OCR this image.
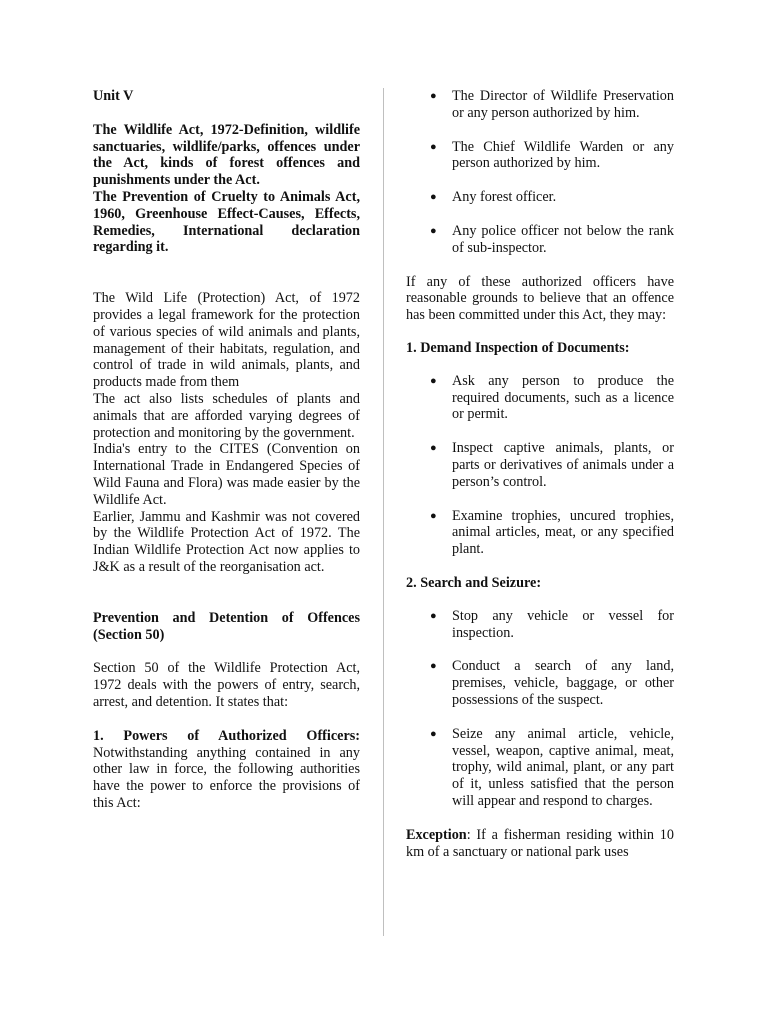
Unit V

The Wildlife Act, 1972-Definition, wildlife sanctuaries, wildlife/parks, offences under the Act, kinds of forest offences and punishments under the Act.

The Prevention of Cruelty to Animals Act, 1960, Greenhouse Effect-Causes, Effects, Remedies, International declaration regarding it.

The Wild Life (Protection) Act, of 1972 provides a legal framework for the protection of various species of wild animals and plants, management of their habitats, regulation, and control of trade in wild animals, plants, and products made from them

The act also lists schedules of plants and animals that are afforded varying degrees of protection and monitoring by the government.

India's entry to the CITES (Convention on International Trade in Endangered Species of Wild Fauna and Flora) was made easier by the Wildlife Act.

Earlier, Jammu and Kashmir was not covered by the Wildlife Protection Act of 1972. The Indian Wildlife Protection Act now applies to J&K as a result of the reorganisation act.

Prevention and Detention of Offences (Section 50)

Section 50 of the Wildlife Protection Act, 1972 deals with the powers of entry, search, arrest, and detention. It states that:

1. Powers of Authorized Officers: Notwithstanding anything contained in any other law in force, the following authorities have the power to enforce the provisions of this Act:

● The Director of Wildlife Preservation or any person authorized by him.
● The Chief Wildlife Warden or any person authorized by him.
● Any forest officer.
● Any police officer not below the rank of sub-inspector.

If any of these authorized officers have reasonable grounds to believe that an offence has been committed under this Act, they may:

1. Demand Inspection of Documents:

● Ask any person to produce the required documents, such as a licence or permit.
● Inspect captive animals, plants, or parts or derivatives of animals under a person’s control.
● Examine trophies, uncured trophies, animal articles, meat, or any specified plant.

2. Search and Seizure:

● Stop any vehicle or vessel for inspection.
● Conduct a search of any land, premises, vehicle, baggage, or other possessions of the suspect.
● Seize any animal article, vehicle, vessel, weapon, captive animal, meat, trophy, wild animal, plant, or any part of it, unless satisfied that the person will appear and respond to charges.

Exception: If a fisherman residing within 10 km of a sanctuary or national park uses
